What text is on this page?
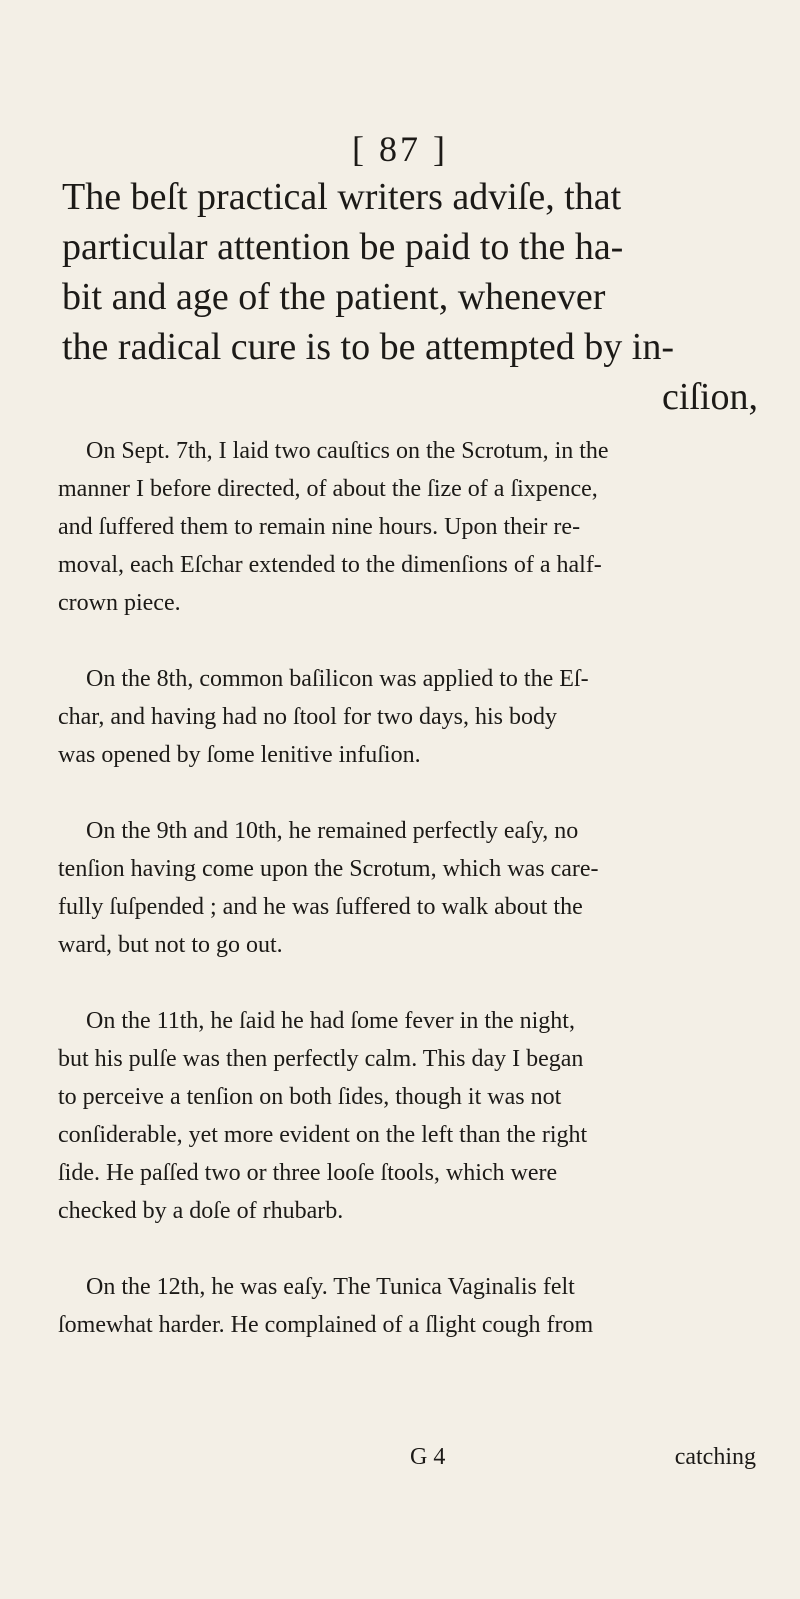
[ 87 ]
The beſt practical writers adviſe, that
particular attention be paid to the ha-
bit and age of the patient, whenever
the radical cure is to be attempted by in-
ciſion,
On Sept. 7th, I laid two cauſtics on the Scrotum, in the
manner I before directed, of about the ſize of a ſixpence,
and ſuffered them to remain nine hours. Upon their re-
moval, each Eſchar extended to the dimenſions of a half-
crown piece.
On the 8th, common baſilicon was applied to the Eſ-
char, and having had no ſtool for two days, his body
was opened by ſome lenitive infuſion.
On the 9th and 10th, he remained perfectly eaſy, no
tenſion having come upon the Scrotum, which was care-
fully ſuſpended ; and he was ſuffered to walk about the
ward, but not to go out.
On the 11th, he ſaid he had ſome fever in the night,
but his pulſe was then perfectly calm. This day I began
to perceive a tenſion on both ſides, though it was not
conſiderable, yet more evident on the left than the right
ſide. He paſſed two or three looſe ſtools, which were
checked by a doſe of rhubarb.
On the 12th, he was eaſy. The Tunica Vaginalis felt
ſomewhat harder. He complained of a ſlight cough from
G 4	catching
